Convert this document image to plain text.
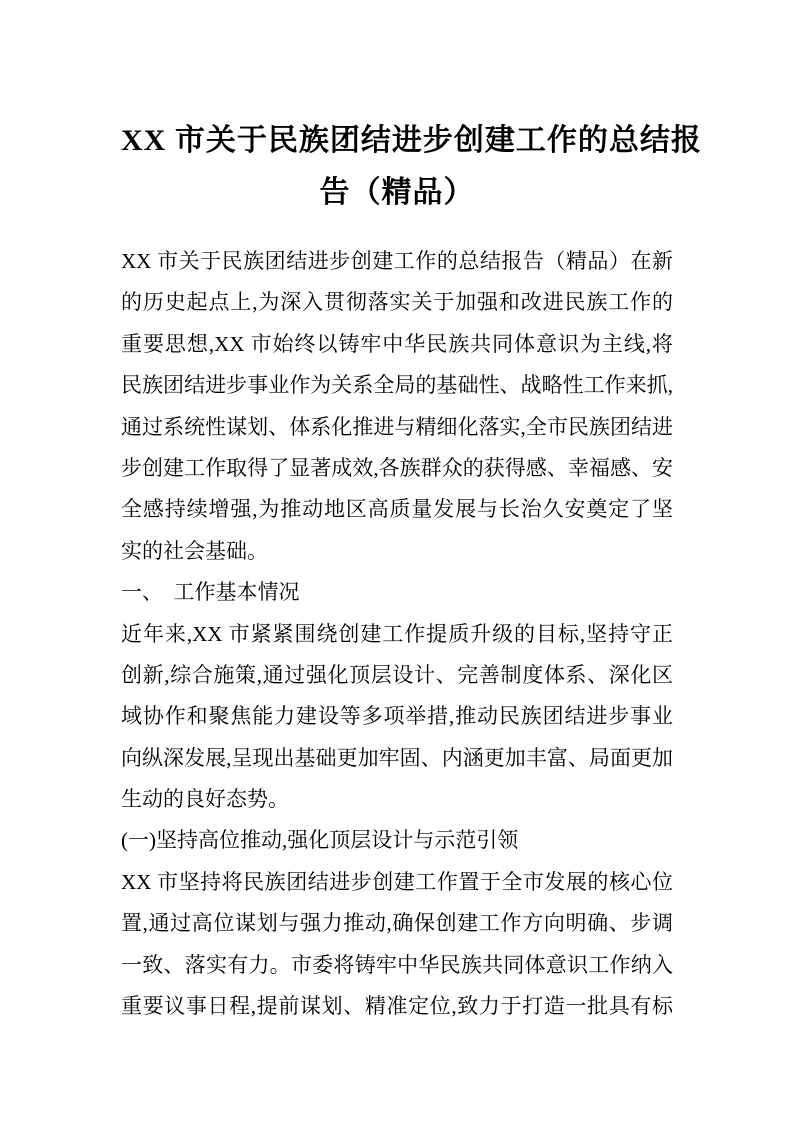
XX 市关于民族团结进步创建工作的总结报
告（精品）
XX 市关于民族团结进步创建工作的总结报告（精品）在新
的历史起点上,为深入贯彻落实关于加强和改进民族工作的
重要思想,XX 市始终以铸牢中华民族共同体意识为主线,将
民族团结进步事业作为关系全局的基础性、战略性工作来抓,
通过系统性谋划、体系化推进与精细化落实,全市民族团结进
步创建工作取得了显著成效,各族群众的获得感、幸福感、安
全感持续增强,为推动地区高质量发展与长治久安奠定了坚
实的社会基础。
一、　工作基本情况
近年来,XX 市紧紧围绕创建工作提质升级的目标,坚持守正
创新,综合施策,通过强化顶层设计、完善制度体系、深化区
域协作和聚焦能力建设等多项举措,推动民族团结进步事业
向纵深发展,呈现出基础更加牢固、内涵更加丰富、局面更加
生动的良好态势。
(一)坚持高位推动,强化顶层设计与示范引领
XX 市坚持将民族团结进步创建工作置于全市发展的核心位
置,通过高位谋划与强力推动,确保创建工作方向明确、步调
一致、落实有力。市委将铸牢中华民族共同体意识工作纳入
重要议事日程,提前谋划、精准定位,致力于打造一批具有标
